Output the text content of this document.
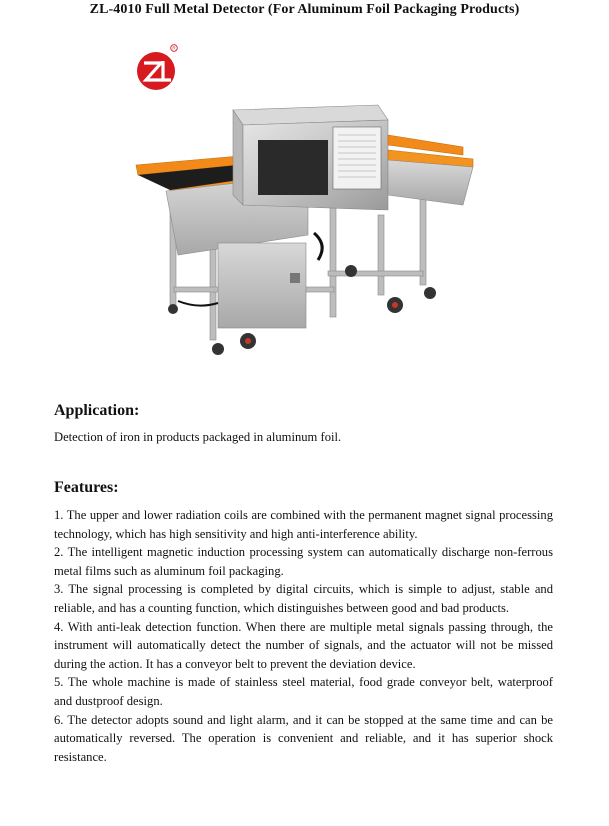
ZL-4010 Full Metal Detector (For Aluminum Foil Packaging Products)
R
Application:
Detection of iron in products packaged in aluminum foil.
Features:
1. The upper and lower radiation coils are combined with the permanent magnet signal processing technology, which has high sensitivity and high anti-interference ability.
2. The intelligent magnetic induction processing system can automatically discharge non-ferrous metal films such as aluminum foil packaging.
3. The signal processing is completed by digital circuits, which is simple to adjust, stable and reliable, and has a counting function, which distinguishes between good and bad products.
4. With anti-leak detection function. When there are multiple metal signals passing through, the instrument will automatically detect the number of signals, and the actuator will not be missed during the action. It has a conveyor belt to prevent the deviation device.
5. The whole machine is made of stainless steel material, food grade conveyor belt, waterproof and dustproof design.
6. The detector adopts sound and light alarm, and it can be stopped at the same time and can be automatically reversed. The operation is convenient and reliable, and it has superior shock resistance.
